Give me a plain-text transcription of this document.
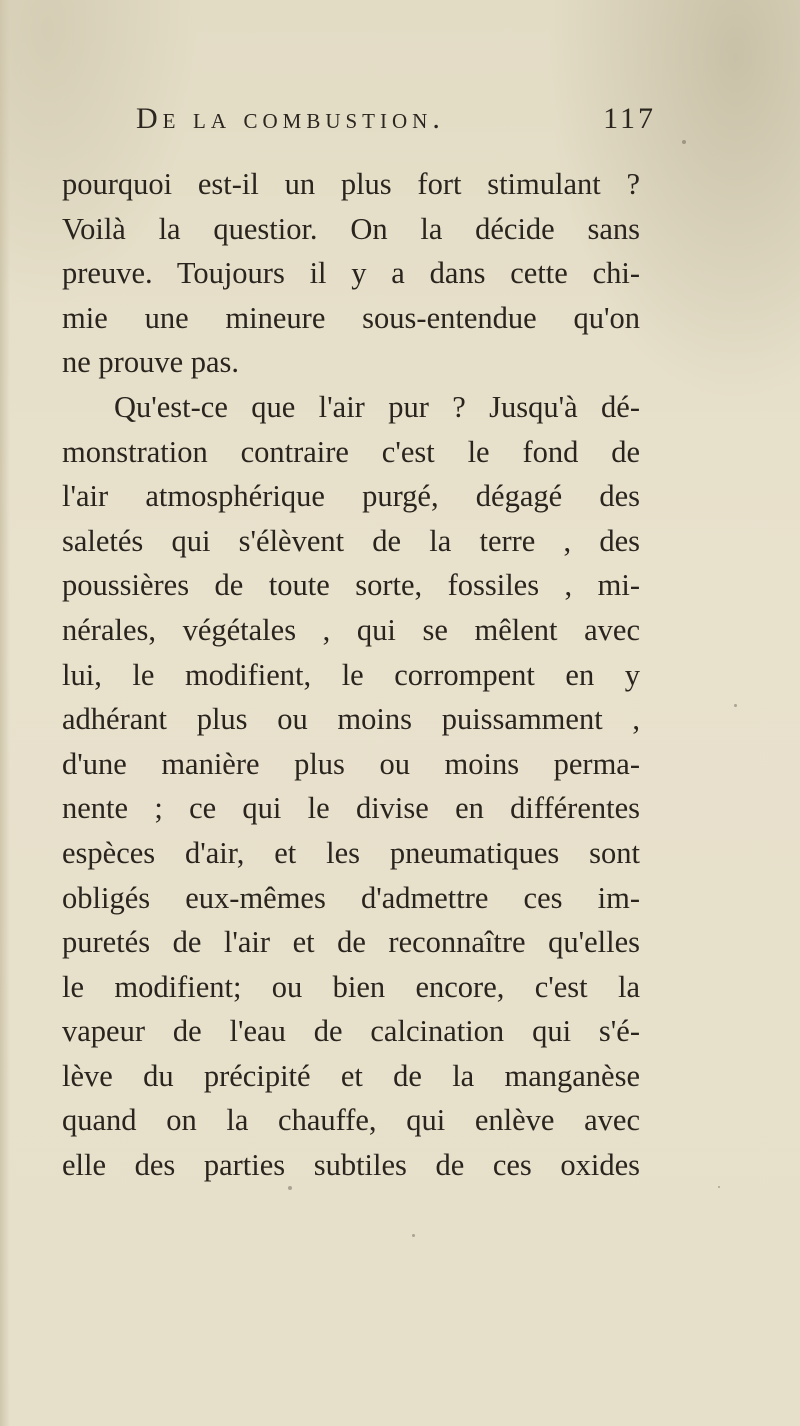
De la combustion.	117
pourquoi est-il un plus fort stimulant ?
Voilà la questior. On la décide sans
preuve. Toujours il y a dans cette chi-
mie une mineure sous-entendue qu'on
ne prouve pas.
Qu'est-ce que l'air pur ? Jusqu'à dé-
monstration contraire c'est le fond de
l'air atmosphérique purgé, dégagé des
saletés qui s'élèvent de la terre , des
poussières de toute sorte, fossiles , mi-
nérales, végétales , qui se mêlent avec
lui, le modifient, le corrompent en y
adhérant plus ou moins puissamment ,
d'une manière plus ou moins perma-
nente ; ce qui le divise en différentes
espèces d'air, et les pneumatiques sont
obligés eux-mêmes d'admettre ces im-
puretés de l'air et de reconnaître qu'elles
le modifient; ou bien encore, c'est la
vapeur de l'eau de calcination qui s'é-
lève du précipité et de la manganèse
quand on la chauffe, qui enlève avec
elle des parties subtiles de ces oxides
